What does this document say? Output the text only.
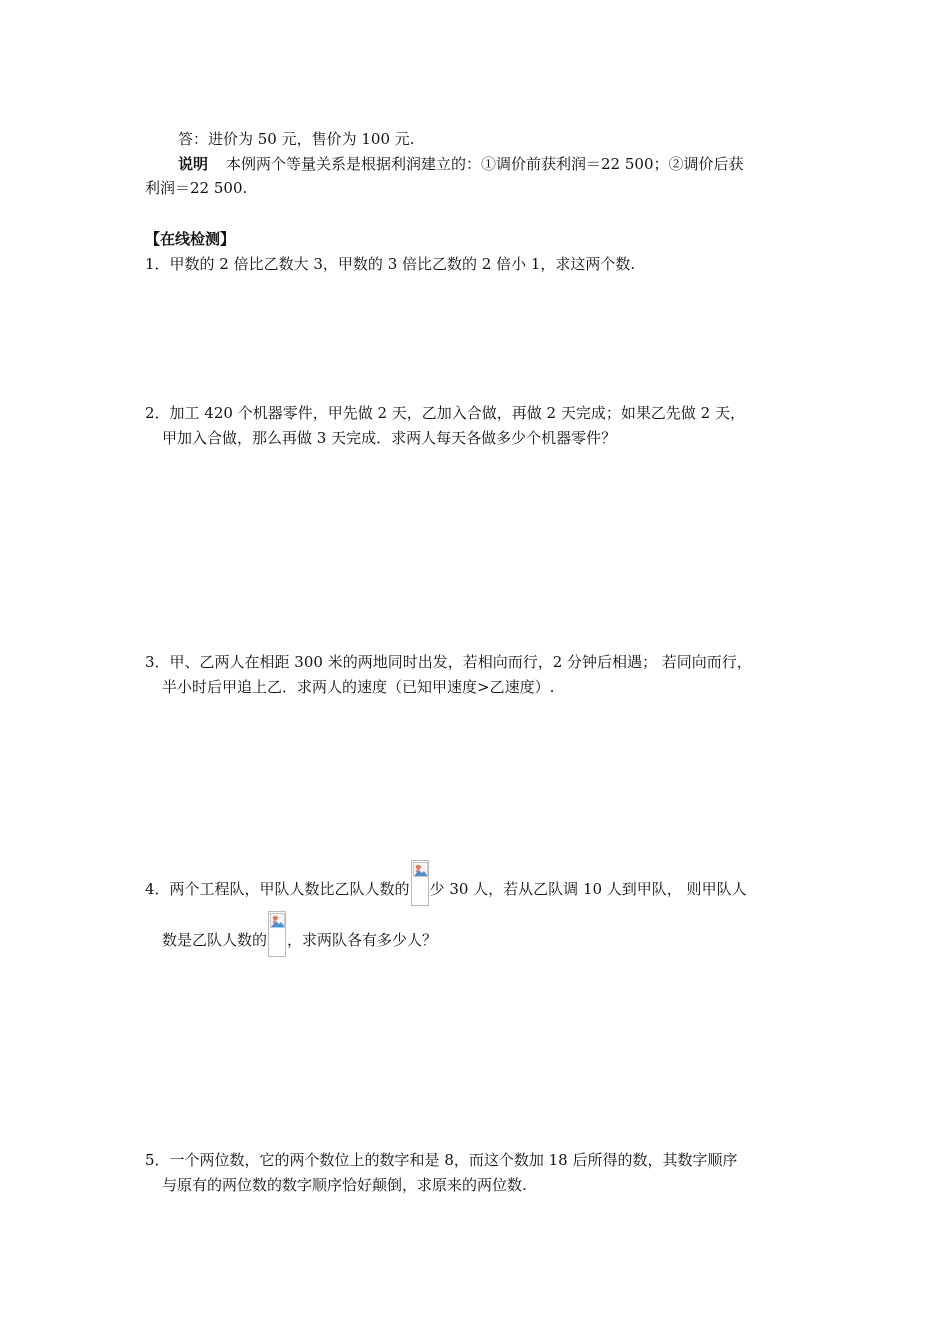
答：进价为 50 元，售价为 100 元.
说明 本例两个等量关系是根据利润建立的：①调价前获利润＝22 500；②调价后获
利润＝22 500.
【在线检测】
1．甲数的 2 倍比乙数大 3，甲数的 3 倍比乙数的 2 倍小 1，求这两个数.
2．加工 420 个机器零件，甲先做 2 天，乙加入合做，再做 2 天完成；如果乙先做 2 天，
甲加入合做，那么再做 3 天完成．求两人每天各做多少个机器零件？
3．甲、乙两人在相距 300 米的两地同时出发，若相向而行，2 分钟后相遇； 若同向而行，
半小时后甲追上乙．求两人的速度（已知甲速度>乙速度）.
4．两个工程队，甲队人数比乙队人数的 少 30 人，若从乙队调 10 人到甲队， 则甲队人
数是乙队人数的 ，求两队各有多少人？
5．一个两位数，它的两个数位上的数字和是 8，而这个数加 18 后所得的数，其数字顺序
与原有的两位数的数字顺序恰好颠倒，求原来的两位数.
